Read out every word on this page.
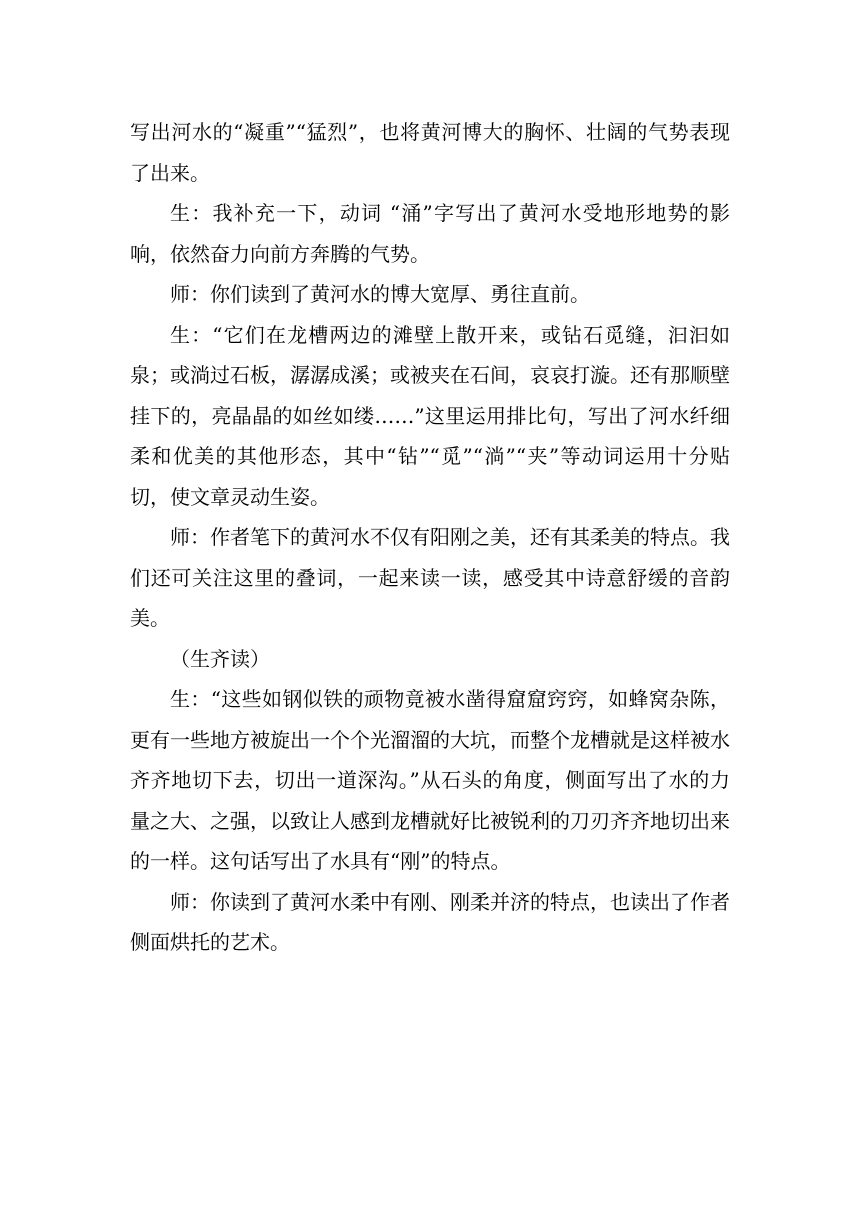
写出河水的“凝重”“猛烈”，也将黄河博大的胸怀、壮阔的气势表现了出来。

生：我补充一下，动词 “涌”字写出了黄河水受地形地势的影响，依然奋力向前方奔腾的气势。

师：你们读到了黄河水的博大宽厚、勇往直前。

生：“它们在龙槽两边的滩壁上散开来，或钻石觅缝，汩汩如泉；或淌过石板，潺潺成溪；或被夹在石间，哀哀打漩。还有那顺壁挂下的，亮晶晶的如丝如缕……”这里运用排比句，写出了河水纤细柔和优美的其他形态，其中“钻”“觅”“淌”“夹”等动词运用十分贴切，使文章灵动生姿。

师：作者笔下的黄河水不仅有阳刚之美，还有其柔美的特点。我们还可关注这里的叠词，一起来读一读，感受其中诗意舒缓的音韵美。

（生齐读）

生：“这些如钢似铁的顽物竟被水凿得窟窟窍窍，如蜂窝杂陈，更有一些地方被旋出一个个光溜溜的大坑，而整个龙槽就是这样被水齐齐地切下去，切出一道深沟。”从石头的角度，侧面写出了水的力量之大、之强，以致让人感到龙槽就好比被锐利的刀刃齐齐地切出来的一样。这句话写出了水具有“刚”的特点。

师：你读到了黄河水柔中有刚、刚柔并济的特点，也读出了作者侧面烘托的艺术。
